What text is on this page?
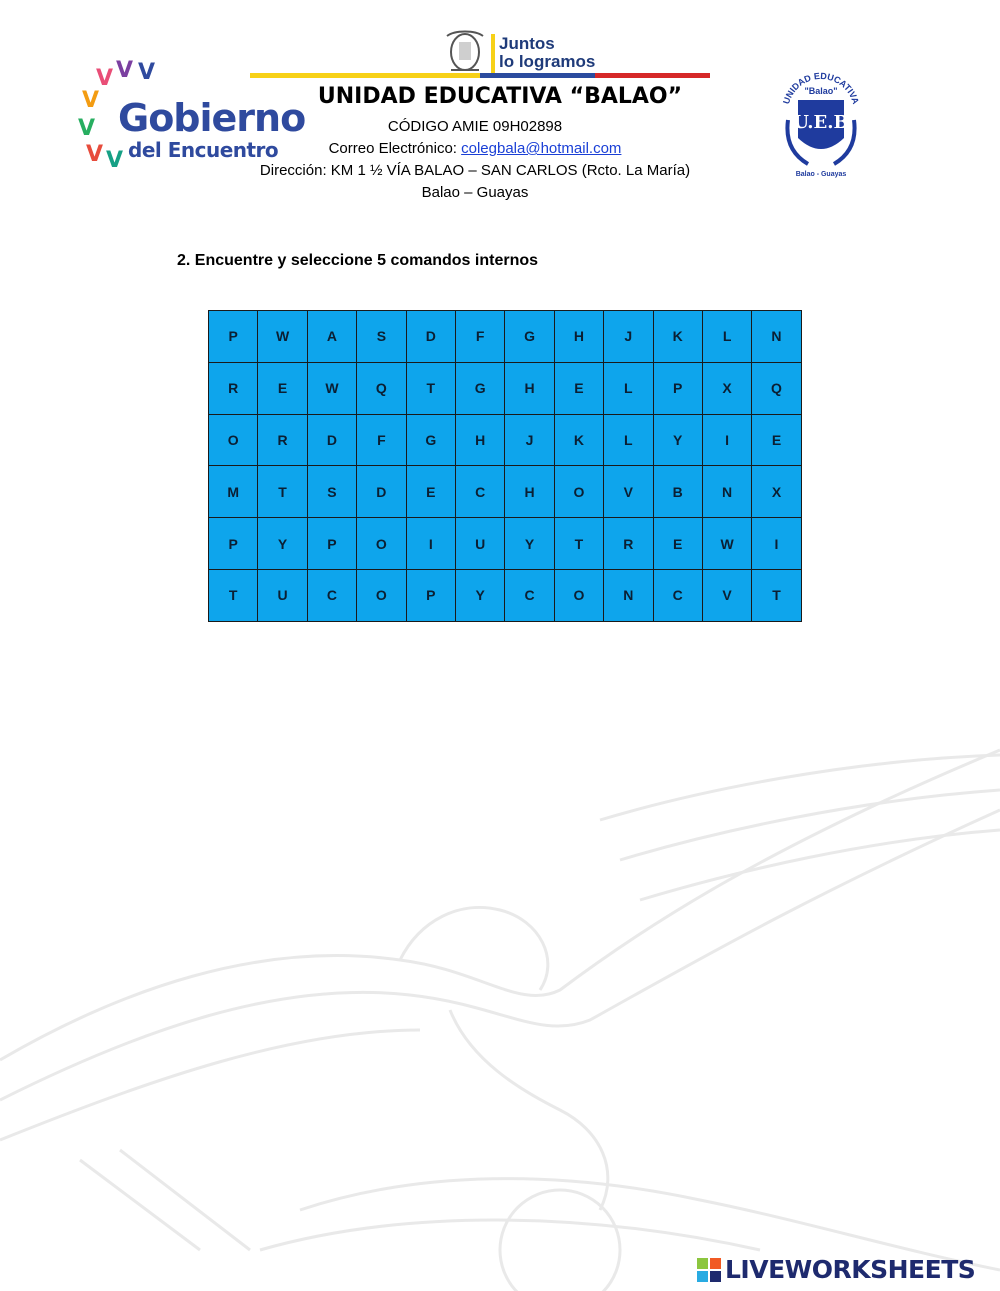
V V V
V
V
V V
Gobierno
del Encuentro
Juntos
lo logramos
UNIDAD EDUCATIVA “BALAO”
CÓDIGO AMIE 09H02898
Correo Electrónico: colegbala@hotmail.com
Dirección: KM 1 ½ VÍA BALAO – SAN CARLOS (Rcto. La María)
Balao – Guayas
UNIDAD EDUCATIVA
"Balao"
U.E.B
Balao - Guayas
2. Encuentre y seleccione 5 comandos internos
P	W	A	S	D	F	G	H	J	K	L	N
R	E	W	Q	T	G	H	E	L	P	X	Q
O	R	D	F	G	H	J	K	L	Y	I	E
M	T	S	D	E	C	H	O	V	B	N	X
P	Y	P	O	I	U	Y	T	R	E	W	I
T	U	C	O	P	Y	C	O	N	C	V	T
LIVEWORKSHEETS
